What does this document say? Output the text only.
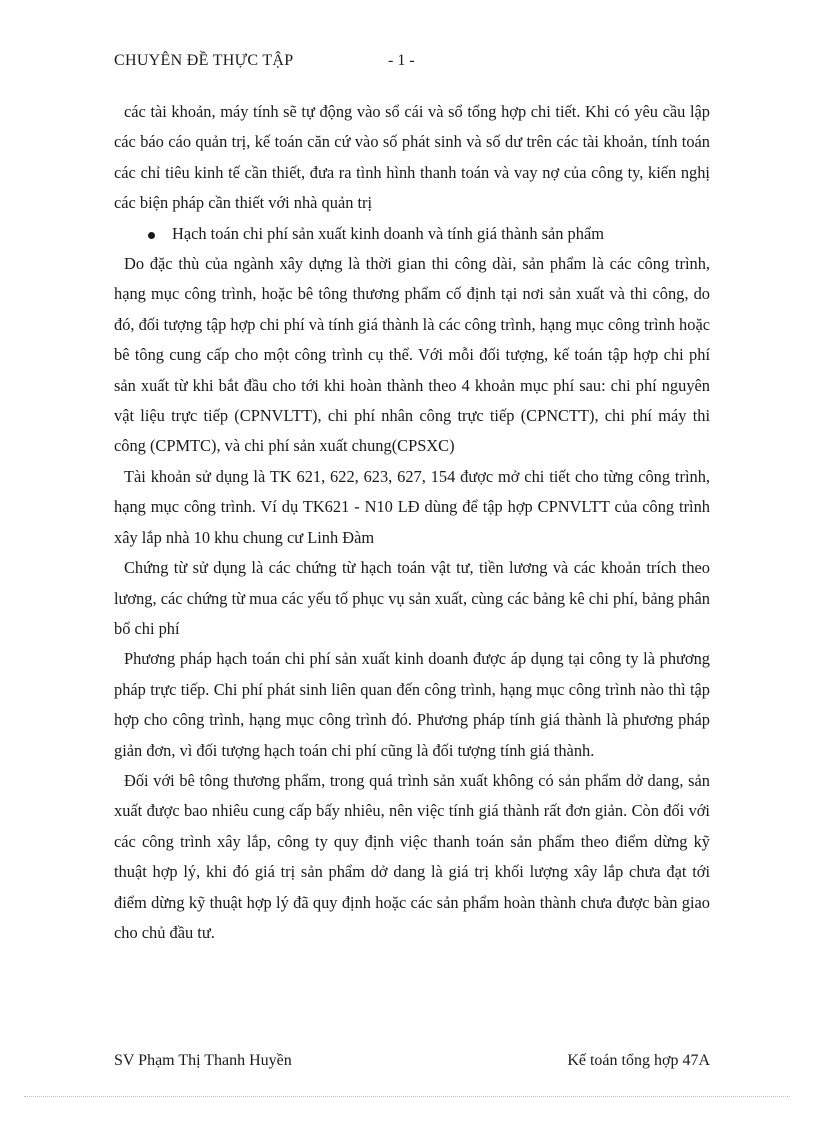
CHUYÊN ĐỀ THỰC TẬP	- 1 -

các tài khoản, máy tính sẽ tự động vào sổ cái và sổ tổng hợp chi tiết. Khi có yêu cầu lập các báo cáo quản trị, kế toán căn cứ vào số phát sinh và số dư trên các tài khoản, tính toán các chỉ tiêu kinh tế cần thiết, đưa ra tình hình thanh toán và vay nợ của công ty, kiến nghị các biện pháp cần thiết với nhà quản trị

Hạch toán chi phí sản xuất kinh doanh và tính giá thành sản phẩm

Do đặc thù của ngành xây dựng là thời gian thi công dài, sản phẩm là các công trình, hạng mục công trình, hoặc bê tông thương phẩm cố định tại nơi sản xuất và thi công, do đó, đối tượng tập hợp chi phí và tính giá thành là các công trình, hạng mục công trình hoặc bê tông cung cấp cho một công trình cụ thể. Với mỗi đối tượng, kế toán tập hợp chi phí sản xuất từ khi bắt đầu cho tới khi hoàn thành theo 4 khoản mục phí sau: chi phí nguyên vật liệu trực tiếp (CPNVLTT), chi phí nhân công trực tiếp (CPNCTT), chi phí máy thi công (CPMTC), và chi phí sản xuất chung(CPSXC)

Tài khoản sử dụng là TK 621, 622, 623, 627, 154 được mở chi tiết cho từng công trình, hạng mục công trình. Ví dụ TK621 - N10 LĐ dùng để tập hợp CPNVLTT của công trình xây lắp nhà 10 khu chung cư Linh Đàm

Chứng từ sử dụng là các chứng từ hạch toán vật tư, tiền lương và các khoản trích theo lương, các chứng từ mua các yếu tố phục vụ sản xuất, cùng các bảng kê chi phí, bảng phân bổ chi phí

Phương pháp hạch toán chi phí sản xuất kinh doanh được áp dụng tại công ty là phương pháp trực tiếp. Chi phí phát sinh liên quan đến công trình, hạng mục công trình nào thì tập hợp cho công trình, hạng mục công trình đó. Phương pháp tính giá thành là phương pháp giản đơn, vì đối tượng hạch toán chi phí cũng là đối tượng tính giá thành.

Đối với bê tông thương phẩm, trong quá trình sản xuất không có sản phẩm dở dang, sản xuất được bao nhiêu cung cấp bấy nhiêu, nên việc tính giá thành rất đơn giản. Còn đối với các công trình xây lắp, công ty quy định việc thanh toán sản phẩm theo điểm dừng kỹ thuật hợp lý, khi đó giá trị sản phẩm dở dang là giá trị khối lượng xây lắp chưa đạt tới điểm dừng kỹ thuật hợp lý đã quy định hoặc các sản phẩm hoàn thành chưa được bàn giao cho chủ đầu tư.

SV Phạm Thị Thanh Huyền	Kế toán tổng hợp 47A
